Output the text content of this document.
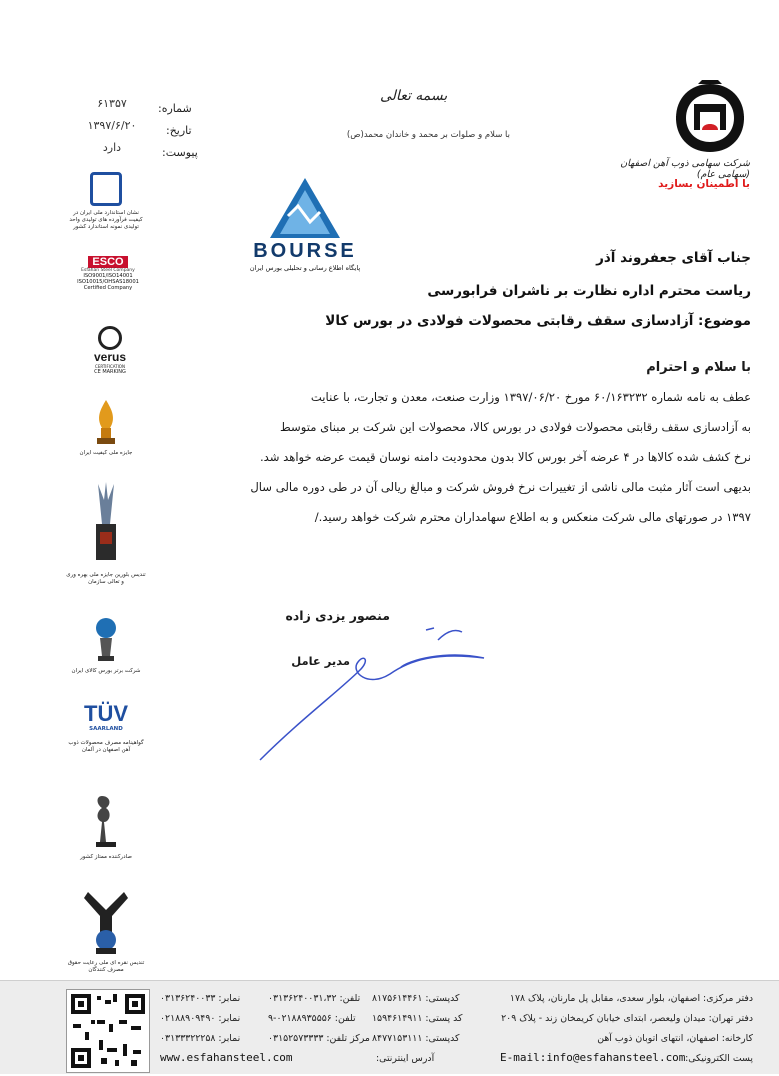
شماره:
۶۱۳۵۷
تاریخ:
۱۳۹۷/۶/۲۰
پیوست:
دارد
بسمه تعالی
با سلام و صلوات بر محمد و خاندان محمد(ص)
شرکت سهامی ذوب آهن اصفهان (سهامی عام)
با اطمینان بسازید
BOURSE
پایگاه اطلاع رسانی و تحلیلی بورس ایران
نشان استاندارد ملی ایران در کیفیت فرآورده های تولیدی واحد تولیدی نمونه استاندارد کشور
ESCO
Esfahan Steel Company
ISO9001/ISO14001
ISO10015/OHSAS18001
Certified Company
verus
CERTIFICATION
CE MARKING
جایزه ملی کیفیت ایران
تندیس بلورین جایزه ملی بهره وری و تعالی سازمان
شرکت برتر بورس کالای ایران
TÜV
SAARLAND
گواهینامه مصرف محصولات ذوب آهن اصفهان در آلمان
صادرکننده ممتاز کشور
تندیس نقره ای ملی رعایت حقوق مصرف کنندگان
جناب آقای جعفروند آذر
ریاست محترم اداره نظارت بر ناشران فرابورسی
موضوع: آزادسازی سقف رقابتی محصولات فولادی در بورس کالا
با سلام و احترام
عطف به نامه شماره ۶۰/۱۶۳۲۳۲ مورخ ۱۳۹۷/۰۶/۲۰ وزارت صنعت، معدن و تجارت، با عنایت
به آزادسازی سقف رقابتی محصولات فولادی در بورس کالا، محصولات این شرکت بر مبنای متوسط
نرخ کشف شده کالاها در ۴ عرضه آخر بورس کالا بدون محدودیت دامنه نوسان قیمت عرضه خواهد شد.
بدیهی است آثار مثبت مالی ناشی از تغییرات نرخ فروش شرکت و مبالغ ریالی آن در طی دوره مالی سال
۱۳۹۷ در صورتهای مالی شرکت منعکس و به اطلاع سهامداران محترم شرکت خواهد رسید./
منصور یزدی زاده
مدیر عامل
دفتر مرکزی: اصفهان، بلوار سعدی، مقابل پل مارنان، پلاک ۱۷۸
کدپستی: ۸۱۷۵۶۱۴۴۶۱
تلفن: ۰۳۱۳۶۲۴۰۰۳۱،۳۲
نمابر: ۰۳۱۳۶۲۴۰۰۳۳
دفتر تهران: میدان ولیعصر، ابتدای خیابان کریمخان زند - پلاک ۲۰۹
کد پستی: ۱۵۹۴۶۱۴۹۱۱
تلفن: ۰۲۱۸۸۹۳۵۵۵۶-۹
نمابر: ۰۲۱۸۸۹۰۹۴۹۰
کارخانه: اصفهان، انتهای اتوبان ذوب آهن
کدپستی: ۸۴۷۷۱۵۳۱۱۱
مرکز تلفن: ۰۳۱۵۲۵۷۳۳۳۳
نمابر: ۰۳۱۳۳۳۲۲۲۵۸
پست الکترونیکی:
E-mail:info@esfahansteel.com
آدرس اینترنتی:
www.esfahansteel.com
